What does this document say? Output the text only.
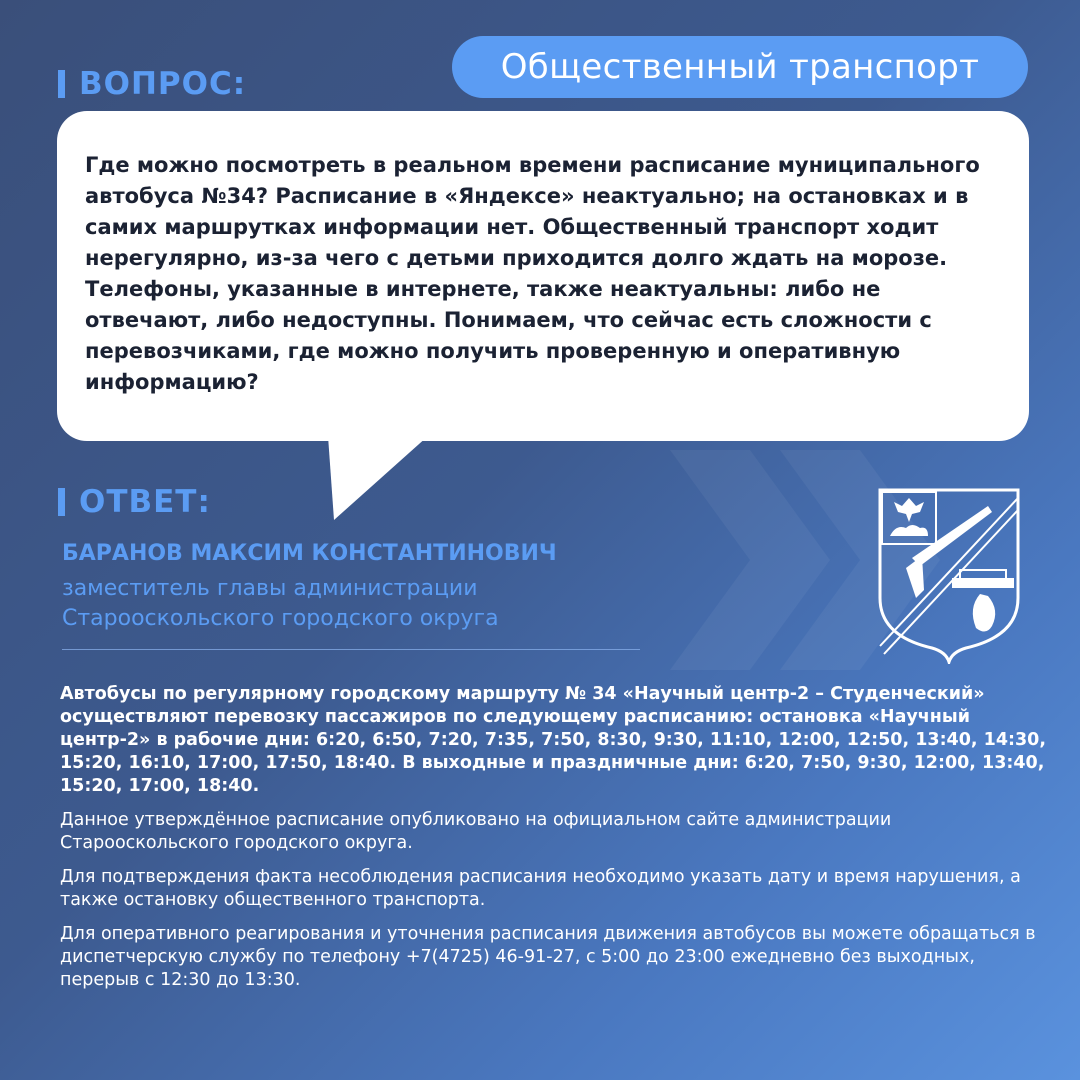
Общественный транспорт
ВОПРОС:
Где можно посмотреть в реальном времени расписание муниципального автобуса №34? Расписание в «Яндексе» неактуально; на остановках и в самих маршрутках информации нет. Общественный транспорт ходит нерегулярно, из-за чего с детьми приходится долго ждать на морозе. Телефоны, указанные в интернете, также неактуальны: либо не отвечают, либо недоступны. Понимаем, что сейчас есть сложности с перевозчиками, где можно получить проверенную и оперативную информацию?
ОТВЕТ:
БАРАНОВ МАКСИМ КОНСТАНТИНОВИЧ
заместитель главы администрации Старооскольского городского округа

Автобусы по регулярному городскому маршруту № 34 «Научный центр-2 – Студенческий» осуществляют перевозку пассажиров по следующему расписанию: остановка «Научный центр-2» в рабочие дни: 6:20, 6:50, 7:20, 7:35, 7:50, 8:30, 9:30, 11:10, 12:00, 12:50, 13:40, 14:30, 15:20, 16:10, 17:00, 17:50, 18:40. В выходные и праздничные дни: 6:20, 7:50, 9:30, 12:00, 13:40, 15:20, 17:00, 18:40.

Данное утверждённое расписание опубликовано на официальном сайте администрации Старооскольского городского округа.

Для подтверждения факта несоблюдения расписания необходимо указать дату и время нарушения, а также остановку общественного транспорта.

Для оперативного реагирования и уточнения расписания движения автобусов вы можете обращаться в диспетчерскую службу по телефону +7(4725) 46-91-27, с 5:00 до 23:00 ежедневно без выходных, перерыв с 12:30 до 13:30.
